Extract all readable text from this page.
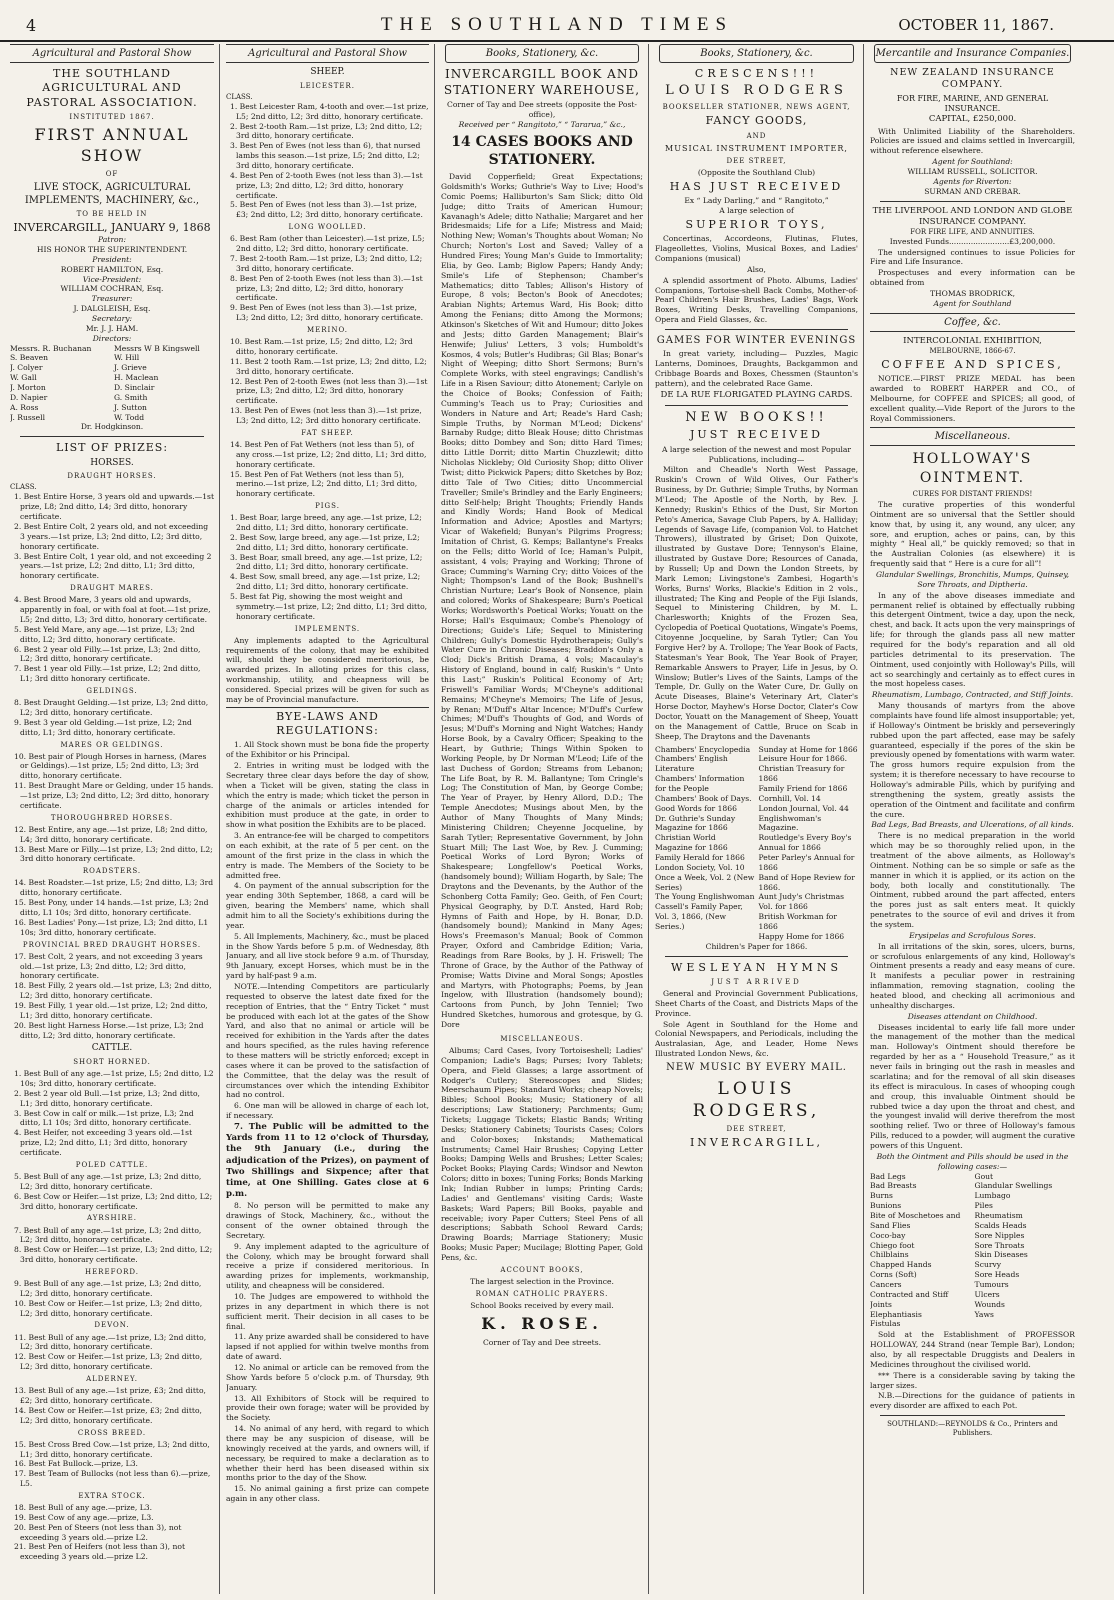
4	THE SOUTHLAND TIMES	OCTOBER 11, 1867.
Agricultural and Pastoral Show
THE SOUTHLAND AGRICULTURAL AND PASTORAL ASSOCIATION.
INSTITUTED 1867.
FIRST ANNUAL SHOW
OF
LIVE STOCK, AGRICULTURAL IMPLEMENTS, MACHINERY, &c.,
TO BE HELD IN
INVERCARGILL, JANUARY 9, 1868
Patron:
HIS HONOR THE SUPERINTENDENT.
President:
ROBERT HAMILTON, Esq.
Vice-President:
WILLIAM COCHRAN, Esq.
Treasurer:
J. DALGLEISH, Esq.
Secretary:
Mr. J. J. HAM.
Directors:
Messrs. R. Buchanan
S. Beaven
J. Colyer
W. Gall
J. Morton
D. Napier
A. Ross
J. Russell
Messrs W B Kingswell
W. Hill
J. Grieve
H. Maclean
D. Sinclair
G. Smith
J. Sutton
W. Todd
Dr. Hodgkinson.
LIST OF PRIZES:
HORSES.
DRAUGHT HORSES.
CLASS.
1. Best Entire Horse, 3 years old and upwards.—1st prize, L8; 2nd ditto, L4; 3rd ditto, honorary certificate.
2. Best Entire Colt, 2 years old, and not exceeding 3 years.—1st prize, L3; 2nd ditto, L2; 3rd ditto, honorary certificate.
3. Best Entire Colt, 1 year old, and not exceeding 2 years.—1st prize, L2; 2nd ditto, L1; 3rd ditto, honorary certificate.
DRAUGHT MARES.
4. Best Brood Mare, 3 years old and upwards, apparently in foal, or with foal at foot.—1st prize, L5; 2nd ditto, L3; 3rd ditto, honorary certificate.
5. Best Yeld Mare, any age.—1st prize, L3; 2nd ditto, L2; 3rd ditto, honorary certificate.
6. Best 2 year old Filly.—1st prize, L3; 2nd ditto, L2; 3rd ditto, honorary certificate.
7. Best 1 year old Filly.—1st prize, L2; 2nd ditto, L1; 3rd ditto honorary certificate.
GELDINGS.
8. Best Draught Gelding.—1st prize, L3; 2nd ditto, L2; 3rd ditto, honorary certificate.
9. Best 3 year old Gelding.—1st prize, L2; 2nd ditto, L1; 3rd ditto, honorary certificate.
MARES OR GELDINGS.
10. Best pair of Plough Horses in harness, (Mares or Geldings).—1st prize, L5; 2nd ditto, L3; 3rd ditto, honorary certificate.
11. Best Draught Mare or Gelding, under 15 hands.—1st prize, L3; 2nd ditto, L2; 3rd ditto, honorary certificate.
THOROUGHBRED HORSES.
12. Best Entire, any age.—1st prize, L8; 2nd ditto, L4; 3rd ditto, honorary certificate.
13. Best Mare or Filly.—1st prize, L3; 2nd ditto, L2; 3rd ditto honorary certificate.
ROADSTERS.
14. Best Roadster.—1st prize, L5; 2nd ditto, L3; 3rd ditto, honorary certificate.
15. Best Pony, under 14 hands.—1st prize, L3; 2nd ditto, L1 10s; 3rd ditto, honorary certificate.
16. Best Ladies' Pony.—1st prize, L3; 2nd ditto, L1 10s; 3rd ditto, honorary certificate.
PROVINCIAL BRED DRAUGHT HORSES.
17. Best Colt, 2 years, and not exceeding 3 years old.—1st prize, L3; 2nd ditto, L2; 3rd ditto, honorary certificate.
18. Best Filly, 2 years old.—1st prize, L3; 2nd ditto, L2; 3rd ditto, honorary certificate.
19. Best Filly, 1 year old.—1st prize, L2; 2nd ditto, L1; 3rd ditto, honorary certificate.
20. Best light Harness Horse.—1st prize, L3; 2nd ditto, L2; 3rd ditto, honorary certificate.
CATTLE.
SHORT HORNED.
1. Best Bull of any age.—1st prize, L5; 2nd ditto, L2 10s; 3rd ditto, honorary certificate.
2. Best 2 year old Bull.—1st prize, L3; 2nd ditto, L1; 3rd ditto, honorary certificate.
3. Best Cow in calf or milk.—1st prize, L3; 2nd ditto, L1 10s; 3rd ditto, honorary certificate.
4. Best Heifer, not exceeding 3 years old.—1st prize, L2; 2nd ditto, L1; 3rd ditto, honorary certificate.
POLED CATTLE.
5. Best Bull of any age.—1st prize, L3; 2nd ditto, L2; 3rd ditto, honorary certificate.
6. Best Cow or Heifer.—1st prize, L3; 2nd ditto, L2; 3rd ditto, honorary certificate.
AYRSHIRE.
7. Best Bull of any age.—1st prize, L3; 2nd ditto, L2; 3rd ditto, honorary certificate.
8. Best Cow or Heifer.—1st prize, L3; 2nd ditto, L2; 3rd ditto, honorary certificate.
HEREFORD.
9. Best Bull of any age.—1st prize, L3; 2nd ditto, L2; 3rd ditto, honorary certificate.
10. Best Cow or Heifer.—1st prize, L3; 2nd ditto, L2; 3rd ditto, honorary certificate.
DEVON.
11. Best Bull of any age.—1st prize, L3; 2nd ditto, L2; 3rd ditto, honorary certificate.
12. Best Cow or Heifer.—1st prize, L3; 2nd ditto, L2; 3rd ditto, honorary certificate.
ALDERNEY.
13. Best Bull of any age.—1st prize, £3; 2nd ditto, £2; 3rd ditto, honorary certificate.
14. Best Cow or Heifer.—1st prize, £3; 2nd ditto, L2; 3rd ditto, honorary certificate.
CROSS BREED.
15. Best Cross Bred Cow.—1st prize, L3; 2nd ditto, L1; 3rd ditto, honorary certificate.
16. Best Fat Bullock.—prize, L3.
17. Best Team of Bullocks (not less than 6).—prize, L5.
EXTRA STOCK.
18. Best Bull of any age.—prize, L3.
19. Best Cow of any age.—prize, L3.
20. Best Pen of Steers (not less than 3), not exceeding 3 years old.—prize L2.
21. Best Pen of Heifers (not less than 3), not exceeding 3 years old.—prize L2.
Agricultural and Pastoral Show
SHEEP.
LEICESTER.
CLASS.
1. Best Leicester Ram, 4-tooth and over.—1st prize, L5; 2nd ditto, L2; 3rd ditto, honorary certificate.
2. Best 2-tooth Ram.—1st prize, L3; 2nd ditto, L2; 3rd ditto, honorary certificate.
3. Best Pen of Ewes (not less than 6), that nursed lambs this season.—1st prize, L5; 2nd ditto, L2; 3rd ditto, honorary certificate.
4. Best Pen of 2-tooth Ewes (not less than 3).—1st prize, L3; 2nd ditto, L2; 3rd ditto, honorary certificate.
5. Best Pen of Ewes (not less than 3).—1st prize, £3; 2nd ditto, L2; 3rd ditto, honorary certificate.
LONG WOOLLED.
6. Best Ram (other than Leicester).—1st prize, L5; 2nd ditto, L2; 3rd ditto, honorary certificate.
7. Best 2-tooth Ram.—1st prize, L3; 2nd ditto, L2; 3rd ditto, honorary certificate.
8. Best Pen of 2-tooth Ewes (not less than 3).—1st prize, L3; 2nd ditto, L2; 3rd ditto, honorary certificate.
9. Best Pen of Ewes (not less than 3).—1st prize, L3; 2nd ditto, L2; 3rd ditto, honorary certificate.
MERINO.
10. Best Ram.—1st prize, L5; 2nd ditto, L2; 3rd ditto, honorary certificate.
11. Best 2 tooth Ram.—1st prize, L3; 2nd ditto, L2; 3rd ditto, honorary certificate.
12. Best Pen of 2-tooth Ewes (not less than 3).—1st prize, L3; 2nd ditto, L2; 3rd ditto, honorary certificate.
13. Best Pen of Ewes (not less than 3).—1st prize, L3; 2nd ditto, L2; 3rd ditto honorary certificate.
FAT SHEEP.
14. Best Pen of Fat Wethers (not less than 5), of any cross.—1st prize, L2; 2nd ditto, L1; 3rd ditto, honorary certificate.
15. Best Pen of Fat Wethers (not less than 5), merino.—1st prize, L2; 2nd ditto, L1; 3rd ditto, honorary certificate.
PIGS.
1. Best Boar, large breed, any age.—1st prize, L2; 2nd ditto, L1; 3rd ditto, honorary certificate.
2. Best Sow, large breed, any age.—1st prize, L2; 2nd ditto, L1; 3rd ditto, honorary certificate.
3. Best Boar, small breed, any age.—1st prize, L2; 2nd ditto, L1; 3rd ditto, honorary certificate.
4. Best Sow, small breed, any age.—1st prize, L2; 2nd ditto, L1; 3rd ditto, honorary certificate.
5. Best fat Pig, showing the most weight and symmetry.—1st prize, L2; 2nd ditto, L1; 3rd ditto, honorary certificate.
IMPLEMENTS.

Any implements adapted to the Agricultural requirements of the colony, that may be exhibited will, should they be considered meritorious, be awarded prizes. In alloting prizes for this class, workmanship, utility, and cheapness will be considered. Special prizes will be given for such as may be of Provincial manufacture.

BYE-LAWS AND REGULATIONS:

1. All Stock shown must be bona fide the property of the Exhibitor or his Principal.

2. Entries in writing must be lodged with the Secretary three clear days before the day of show, when a Ticket will be given, stating the class in which the entry is made; which ticket the person in charge of the animals or articles intended for exhibition must produce at the gate, in order to show in what position the Exhibits are to be placed.

3. An entrance-fee will be charged to competitors on each exhibit, at the rate of 5 per cent. on the amount of the first prize in the class in which the entry is made. The Members of the Society to be admitted free.

4. On payment of the annual subscription for the year ending 30th September, 1868, a card will be given, bearing the Members' name, which shall admit him to all the Society's exhibitions during the year.

5. All Implements, Machinery, &c., must be placed in the Show Yards before 5 p.m. of Wednesday, 8th January, and all live stock before 9 a.m. of Thursday, 9th January, except Horses, which must be in the yard by half-past 9 a.m.

NOTE.—Intending Competitors are particularly requested to observe the latest date fixed for the reception of Entries, that the “ Entry Ticket ” must be produced with each lot at the gates of the Show Yard, and also that no animal or article will be received for exhibition in the Yards after the dates and hours specified, as the rules having reference to these matters will be strictly enforced; except in cases where it can be proved to the satisfaction of the Committee, that the delay was the result of circumstances over which the intending Exhibitor had no control.

6. One man will be allowed in charge of each lot, if necessary.

7. The Public will be admitted to the Yards from 11 to 12 o'clock of Thursday, the 9th January (i.e., during the adjudication of the Prizes), on payment of Two Shillings and Sixpence; after that time, at One Shilling. Gates close at 6 p.m.

8. No person will be permitted to make any drawings of Stock, Machinery, &c., without the consent of the owner obtained through the Secretary.

9. Any implement adapted to the agriculture of the Colony, which may be brought forward shall receive a prize if considered meritorious. In awarding prizes for implements, workmanship, utility, and cheapness will be considered.

10. The Judges are empowered to withhold the prizes in any department in which there is not sufficient merit. Their decision in all cases to be final.

11. Any prize awarded shall be considered to have lapsed if not applied for within twelve months from date of award.

12. No animal or article can be removed from the Show Yards before 5 o'clock p.m. of Thursday, 9th January.

13. All Exhibitors of Stock will be required to provide their own forage; water will be provided by the Society.

14. No animal of any herd, with regard to which there may be any suspicion of disease, will be knowingly received at the yards, and owners will, if necessary, be required to make a declaration as to whether their herd has been diseased within six months prior to the day of the Show.

15. No animal gaining a first prize can compete again in any other class.

Books, Stationery, &c.
INVERCARGILL BOOK AND STATIONERY WAREHOUSE,
Corner of Tay and Dee streets (opposite the Post-office),
Received per “ Rangitoto,” “ Tararua,” &c.,
14 CASES BOOKS AND STATIONERY.

David Copperfield; Great Expectations; Goldsmith's Works; Guthrie's Way to Live; Hood's Comic Poems; Halliburton's Sam Slick; ditto Old Judge; ditto Traits of American Humour; Kavanagh's Adele; ditto Nathalie; Margaret and her Bridesmaids; Life for a Life; Mistress and Maid; Nothing New; Woman's Thoughts about Woman; No Church; Norton's Lost and Saved; Valley of a Hundred Fires; Young Man's Guide to Immortality; Elia, by Geo. Lamb; Biglow Papers; Handy Andy; Smile's Life of Stephenson; Chamber's Mathematics; ditto Tables; Allison's History of Europe, 8 vols; Becton's Book of Anecdotes; Arabian Nights; Artemus Ward, His Book; ditto Among the Fenians; ditto Among the Mormons; Atkinson's Sketches of Wit and Humour; ditto Jokes and Jests; ditto Garden Management; Blair's Henwife; Julius' Letters, 3 vols; Humboldt's Kosmos, 4 vols; Butler's Hudibras; Gil Blas; Bonar's Night of Weeping; ditto Short Sermons; Burn's Complete Works, with steel engravings; Candlish's Life in a Risen Saviour; ditto Atonement; Carlyle on the Choice of Books; Confession of Faith; Cumming's Teach us to Pray; Curiosities and Wonders in Nature and Art; Reade's Hard Cash; Simple Truths, by Norman M'Leod; Dickens' Barnaby Rudge; ditto Bleak House; ditto Christmas Books; ditto Dombey and Son; ditto Hard Times; ditto Little Dorrit; ditto Martin Chuzzlewit; ditto Nicholas Nickleby; Old Curiosity Shop; ditto Oliver Twist; ditto Pickwick Papers; ditto Sketches by Boz; ditto Tale of Two Cities; ditto Uncommercial Traveller; Smile's Brindley and the Early Engineers; ditto Self-help; Bright Thoughts; Friendly Hands and Kindly Words; Hand Book of Medical Information and Advice; Apostles and Martyrs; Vicar of Wakefield; Bunyan's Pilgrims Progress; Imitation of Christ, G. Kemps; Ballantyne's Freaks on the Fells; ditto World of Ice; Haman's Pulpit, assistant, 4 vols; Praying and Working; Throne of Grace; Cumming's Warning Cry; ditto Voices of the Night; Thompson's Land of the Book; Bushnell's Christian Nurture; Lear's Book of Nonsence, plain and colored; Works of Shakespeare; Burn's Poetical Works; Wordsworth's Poetical Works; Youatt on the Horse; Hall's Esquimaux; Combe's Phenology of Directions; Guide's Life; Sequel to Ministering Children; Gully's Domestic Hydrotherapeis; Gully's Water Cure in Chronic Diseases; Braddon's Only a Clod; Dick's British Drama, 4 vols; Macaulay's History of England, bound in calf; Ruskin's “ Unto this Last;” Ruskin's Political Economy of Art; Friswell's Familiar Words; M'Cheyne's additional Remains; M'Cheyne's Memoirs; The Life of Jesus, by Renan; M'Duff's Altar Incence; M'Duff's Curfew Chimes; M'Duff's Thoughts of God, and Words of Jesus; M'Duff's Morning and Night Watches; Handy Horse Book, by a Cavalry Officer; Speaking to the Heart, by Guthrie; Things Within Spoken to Working People, by Dr Norman M'Leod; Life of the last Duchess of Gordon; Streams from Lebanon; The Life Boat, by R. M. Ballantyne; Tom Cringle's Log; The Constitution of Man, by George Combe; The Year of Prayer, by Henry Allord, D.D.; The Temple Anecdotes; Musings about Men, by the Author of Many Thoughts of Many Minds; Ministering Children; Cheyenne Jocqueline, by Sarah Tytler; Representative Government, by John Stuart Mill; The Last Woe, by Rev. J. Cumming; Poetical Works of Lord Byron; Works of Shakespeare; Longfellow's Poetical Works, (handsomely bound); William Hogarth, by Sale; The Draytons and the Devenants, by the Author of the Schonberg Cotta Family; Geo. Geith, of Fen Court; Physical Geography, by D.T. Ansted, Hard Rob; Hymns of Faith and Hope, by H. Bonar, D.D. (handsomely bound); Mankind in Many Ages; Hows's Freemason's Manual; Book of Common Prayer, Oxford and Cambridge Edition; Varia, Readings from Rare Books, by J. H. Friswell; The Throne of Grace, by the Author of the Pathway of Promise; Watts Divine and Moral Songs; Apostles and Martyrs, with Photographs; Poems, by Jean Ingelow, with Illustration (handsomely bound); Cartoons from Punch, by John Tenniel; Two Hundred Sketches, humorous and grotesque, by G. Dore

MISCELLANEOUS.

Albums; Card Cases, Ivory Tortoiseshell; Ladies' Companion; Ladie's Bags; Purses; Ivory Tablets; Opera, and Field Glasses; a large assortment of Rodger's Cutlery; Stereoscopes and Slides; Meerschaum Pipes; Standard Works; cheap Novels; Bibles; School Books; Music; Stationery of all descriptions; Law Stationery; Parchments; Gum; Tickets; Luggage Tickets; Elastic Bands; Writing Desks; Stationery Cabinets; Tourists Cases; Colors and Color-boxes; Inkstands; Mathematical Instruments; Camel Hair Brushes; Copying Letter Books; Damping Wells and Brushes; Letter Scales; Pocket Books; Playing Cards; Windsor and Newton Colors; ditto in boxes; Tuning Forks; Bonds Marking Ink; Indian Rubber in lumps; Printing Cards; Ladies' and Gentlemans' visiting Cards; Waste Baskets; Ward Papers; Bill Books, payable and receivable; ivory Paper Cutters; Steel Pens of all descriptions; Sabbath School Reward Cards; Drawing Boards; Marriage Stationery; Music Books; Music Paper; Mucilage; Blotting Paper, Gold Pens, &c.

ACCOUNT BOOKS,
The largest selection in the Province.
ROMAN CATHOLIC PRAYERS.
School Books received by every mail.
K. ROSE.
Corner of Tay and Dee streets.
Books, Stationery, &c.
CRESCENS!!!
LOUIS RODGERS
BOOKSELLER STATIONER, NEWS AGENT,
FANCY GOODS,
AND
MUSICAL INSTRUMENT IMPORTER,
DEE STREET,
(Opposite the Southland Club)
HAS JUST RECEIVED
Ex “ Lady Darling,” and “ Rangitoto,”
A large selection of
SUPERIOR TOYS,

Concertinas, Accordeons, Flutinas, Flutes, Flageollettes, Violins, Musical Boxes, and Ladies' Companions (musical)

Also,

A splendid assortment of Photo. Albums, Ladies' Companions, Tortoise-shell Back Combs, Mother-of-Pearl Children's Hair Brushes, Ladies' Bags, Work Boxes, Writing Desks, Travelling Companions, Opera and Field Glasses, &c.

GAMES FOR WINTER EVENINGS

In great variety, including— Puzzles, Magic Lanterns, Dominoes, Draughts, Backgammon and Cribbage Boards and Boxes, Chessmen (Staunton's pattern), and the celebrated Race Game.

DE LA RUE FLORIGATED PLAYING CARDS.
NEW BOOKS!!
JUST RECEIVED
A large selection of the newest and most Popular Publications, including—

Milton and Cheadle's North West Passage, Ruskin's Crown of Wild Olives, Our Father's Business, by Dr. Guthrie; Simple Truths, by Norman M'Leod; The Apostle of the North, by Rev. J. Kennedy; Ruskin's Ethics of the Dust, Sir Morton Peto's America, Savage Club Papers, by A. Halliday; Legends of Savage Life, (companion Vol. to Hatchet Throwers), illustrated by Griset; Don Quixote, illustrated by Gustave Dore; Tennyson's Elaine, illustrated by Gustave Dore; Resources of Canada, by Russell; Up and Down the London Streets, by Mark Lemon; Livingstone's Zambesi, Hogarth's Works, Burns' Works, Blackie's Edition in 2 vols., illustrated; The King and People of the Fiji Islands, Sequel to Ministering Children, by M. L. Charlesworth; Knights of the Frozen Sea, Cyclopedia of Poetical Quotations, Wingate's Poems, Citoyenne Jocqueline, by Sarah Tytler; Can You Forgive Her? by A. Trollope; The Year Book of Facts, Statesman's Year Book, The Year Book of Prayer, Remarkable Answers to Prayer, Life in Jesus, by O. Winslow; Butler's Lives of the Saints, Lamps of the Temple, Dr. Gully on the Water Cure, Dr. Gully on Acute Diseases, Blaine's Veterinary Art, Clater's Horse Doctor, Mayhew's Horse Doctor, Clater's Cow Doctor, Youatt on the Management of Sheep, Youatt on the Management of Cattle, Bruce on Scab in Sheep, The Draytons and the Davenants

Chambers' Encyclopedia
Chambers' English Literature
Chambers' Information for the People
Chambers' Book of Days.
Good Words for 1866
Dr. Guthrie's Sunday Magazine for 1866
Christian World Magazine for 1866
Family Herald for 1866
London Society, Vol. 10
Once a Week, Vol. 2 (New Series)
The Young Englishwoman
Cassell's Family Paper, Vol. 3, 1866, (New Series.)
Sunday at Home for 1866
Leisure Hour for 1866.
Christian Treasury for 1866
Family Friend for 1866
Cornhill, Vol. 14
London Journal, Vol. 44
Englishwoman's Magazine.
Routledge's Every Boy's Annual for 1866
Peter Parley's Annual for 1866
Band of Hope Review for 1866.
Aunt Judy's Christmas Vol. for 1866
British Workman for 1866
Happy Home for 1866
Children's Paper for 1866.
WESLEYAN HYMNS
JUST ARRIVED

General and Provincial Government Publications, Sheet Charts of the Coast, and Districts Maps of the Province.

Sole Agent in Southland for the Home and Colonial Newspapers, and Periodicals, including the Australasian, Age, and Leader, Home News Illustrated London News, &c.

NEW MUSIC BY EVERY MAIL.
LOUIS RODGERS,
DEE STREET,
INVERCARGILL,
Mercantile and Insurance Companies.
NEW ZEALAND INSURANCE COMPANY.
FOR FIRE, MARINE, AND GENERAL INSURANCE.
CAPITAL, £250,000.

With Unlimited Liability of the Shareholders. Policies are issued and claims settled in Invercargill, without reference elsewhere.

Agent for Southland:
WILLIAM RUSSELL, SOLICITOR.
Agents for Riverton:
SURMAN AND CREBAR.
THE LIVERPOOL AND LONDON AND GLOBE INSURANCE COMPANY.
FOR FIRE LIFE, AND ANNUITIES.
Invested Funds.........................£3,200,000.

The undersigned continues to issue Policies for Fire and Life Insurance.

Prospectuses and every information can be obtained from

THOMAS BRODRICK,
Agent for Southland
Coffee, &c.
INTERCOLONIAL EXHIBITION,
MELBOURNE, 1866-67.
COFFEE AND SPICES,

NOTICE.—FIRST PRIZE MEDAL has been awarded to ROBERT HARPER and CO., of Melbourne, for COFFEE and SPICES; all good, of excellent quality.—Vide Report of the Jurors to the Royal Commissioners.

Miscellaneous.
HOLLOWAY'S OINTMENT.
CURES FOR DISTANT FRIENDS!

The curative properties of this wonderful Ointment are so universal that the Settler should know that, by using it, any wound, any ulcer, any sore, and eruption, aches or pains, can, by this mighty “ Heal all,” be quickly removed; so that in the Australian Colonies (as elsewhere) it is frequently said that “ Here is a cure for all”!

Glandular Swellings, Bronchitis, Mumps, Quinsey, Sore Throats, and Diptheria.

In any of the above diseases immediate and permanent relief is obtained by effectually rubbing this detergent Ointment, twice a day, upon the neck, chest, and back. It acts upon the very mainsprings of life; for through the glands pass all new matter required for the body's reparation and all old particles detrimental to its preservation. The Ointment, used conjointly with Holloway's Pills, will act so searchingly and certainly as to effect cures in the most hopeless cases.

Rheumatism, Lumbago, Contracted, and Stiff Joints.

Many thousands of martyrs from the above complaints have found life almost insupportable; yet, if Holloway's Ointment be briskly and perseveringly rubbed upon the part affected, ease may be safely guaranteed, especially if the pores of the skin be previously opened by fomentations with warm water. The gross humors require expulsion from the system; it is therefore necessary to have recourse to Holloway's admirable Pills, which by purifying and strengthening the system, greatly assists the operation of the Ointment and facilitate and confirm the cure.

Bad Legs, Bad Breasts, and Ulcerations, of all kinds.

There is no medical preparation in the world which may be so thoroughly relied upon, in the treatment of the above ailments, as Holloway's Ointment. Nothing can be so simple or safe as the manner in which it is applied, or its action on the body, both locally and constitutionally. The Ointment, rubbed around the part affected, enters the pores just as salt enters meat. It quickly penetrates to the source of evil and drives it from the system.

Erysipelas and Scrofulous Sores.

In all irritations of the skin, sores, ulcers, burns, or scrofulous enlargements of any kind, Holloway's Ointment presents a ready and easy means of cure. It manifests a peculiar power in restraining inflammation, removing stagnation, cooling the heated blood, and checking all acrimonious and unhealthy discharges.

Diseases attendant on Childhood.

Diseases incidental to early life fall more under the management of the mother than the medical man. Holloway's Ointment should therefore be regarded by her as a “ Household Treasure,” as it never fails in bringing out the rash in measles and scarlatina; and for the removal of all skin diseases its effect is miraculous. In cases of whooping cough and croup, this invaluable Ointment should be rubbed twice a day upon the throat and chest, and the youngest invalid will derive therefrom the most soothing relief. Two or three of Holloway's famous Pills, reduced to a powder, will augment the curative powers of this Unguent.

Both the Ointment and Pills should be used in the following cases:—
Bad Legs
Bad Breasts
Burns
Bunions
Bite of Moschetoes and Sand Flies
Coco-bay
Chiego foot
Chilblains
Chapped Hands
Corns (Soft)
Cancers
Contracted and Stiff Joints
Elephantiasis
Fistulas
Gout
Glandular Swellings
Lumbago
Piles
Rheumatism
Scalds Heads
Sore Nipples
Sore Throats
Skin Diseases
Scurvy
Sore Heads
Tumours
Ulcers
Wounds
Yaws

Sold at the Establishment of PROFESSOR HOLLOWAY, 244 Strand (near Temple Bar), London; also, by all respectable Druggists and Dealers in Medicines throughout the civilised world.

*** There is a considerable saving by taking the larger sizes.

N.B.—Directions for the guidance of patients in every disorder are affixed to each Pot.

SOUTHLAND:—REYNOLDS & Co., Printers and Publishers.
